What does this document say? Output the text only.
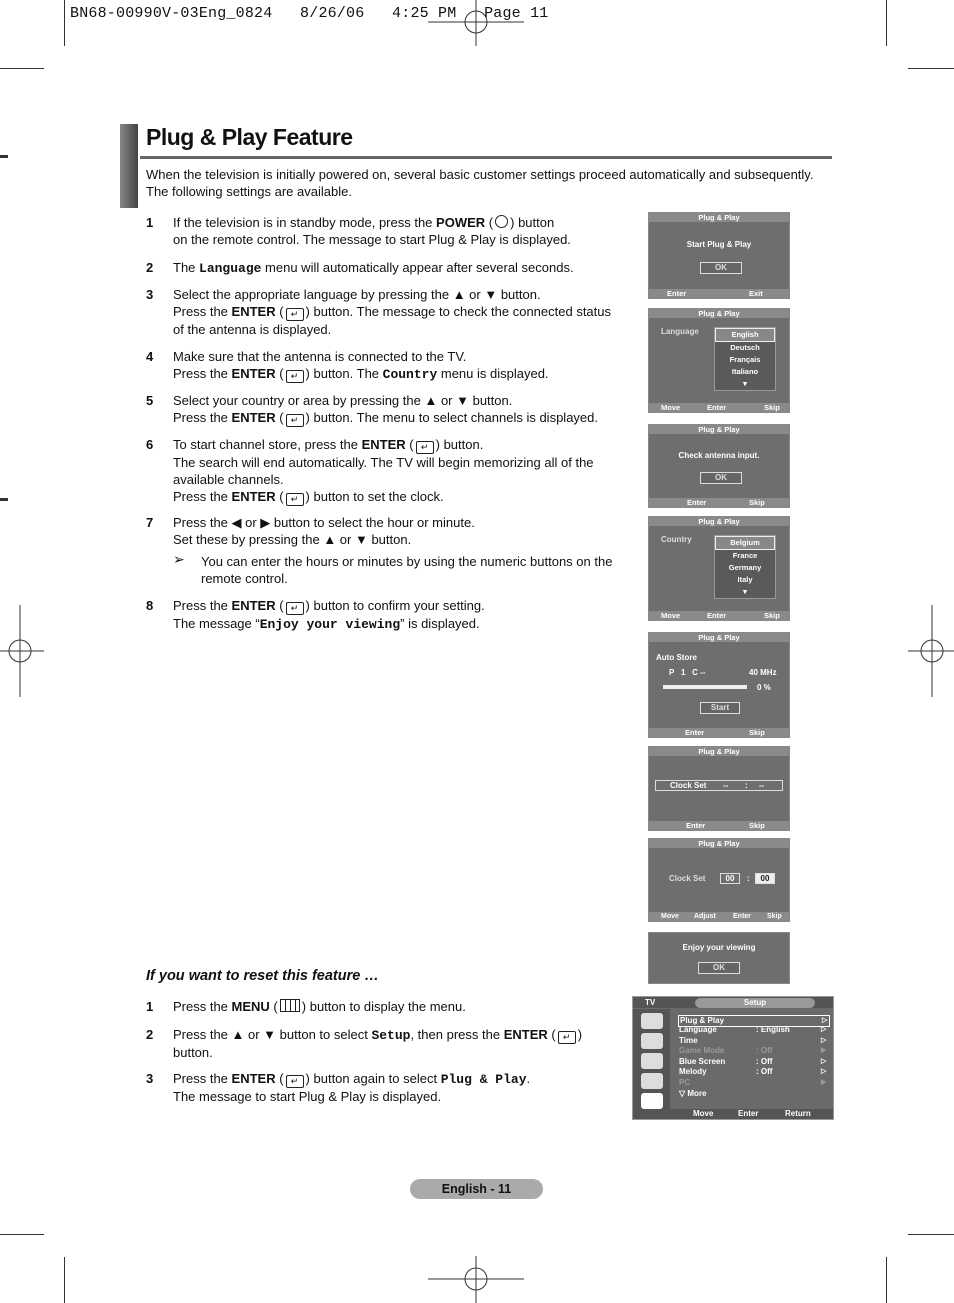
BN68-00990V-03Eng_0824   8/26/06   4:25 PM   Page 11
Plug & Play Feature
When the television is initially powered on, several basic customer settings proceed automatically and subsequently. The following settings are available.
1 If the television is in standby mode, press the POWER ( ) button
on the remote control. The message to start Plug & Play is displayed.
2 The Language menu will automatically appear after several seconds.
3 Select the appropriate language by pressing the ▲ or ▼ button.
Press the ENTER ( ↵ ) button. The message to check the connected status
of the antenna is displayed.
4 Make sure that the antenna is connected to the TV.
Press the ENTER ( ↵ ) button. The Country menu is displayed.
5 Select your country or area by pressing the ▲ or ▼ button.
Press the ENTER ( ↵ ) button. The menu to select channels is displayed.
6 To start channel store, press the ENTER ( ↵ ) button.
The search will end automatically. The TV will begin memorizing all of the
available channels.
Press the ENTER ( ↵ ) button to set the clock.
7 Press the ◀ or ▶ button to select the hour or minute.
Set these by pressing the ▲ or ▼ button.
➢ You can enter the hours or minutes by using the numeric buttons on the remote control.
8 Press the ENTER ( ↵ ) button to confirm your setting.
The message “Enjoy your viewing” is displayed.
If you want to reset this feature …
1 Press the MENU ( ) button to display the menu.
2 Press the ▲ or ▼ button to select Setup, then press the ENTER ( ↵ )
button.
3 Press the ENTER ( ↵ ) button again to select Plug & Play.
The message to start Plug & Play is displayed.
Plug & Play
Start Plug & Play
OK
Enter	Exit
Plug & Play
Language	English
Deutsch
Français
Italiano
▾
Move	Enter	Skip
Plug & Play
Check antenna input.
OK
Enter	Skip
Plug & Play
Country	Belgium
France
Germany
Italy
▾
Move	Enter	Skip
Plug & Play
Auto Store
P 1 C --	40 MHz
0 %
Start
Enter	Skip
Plug & Play
Clock Set -- : --
Enter	Skip
Plug & Play
Clock Set	00	:	00
Move Adjust Enter Skip
Enjoy your viewing
OK
TV	Setup
Plug & Play	▷
Language	: English	▷
Time	▷
Game Mode	: Off	▶
Blue Screen	: Off	▷
Melody	: Off	▷
PC	▶
▽ More
Move	Enter	Return
English - 11
